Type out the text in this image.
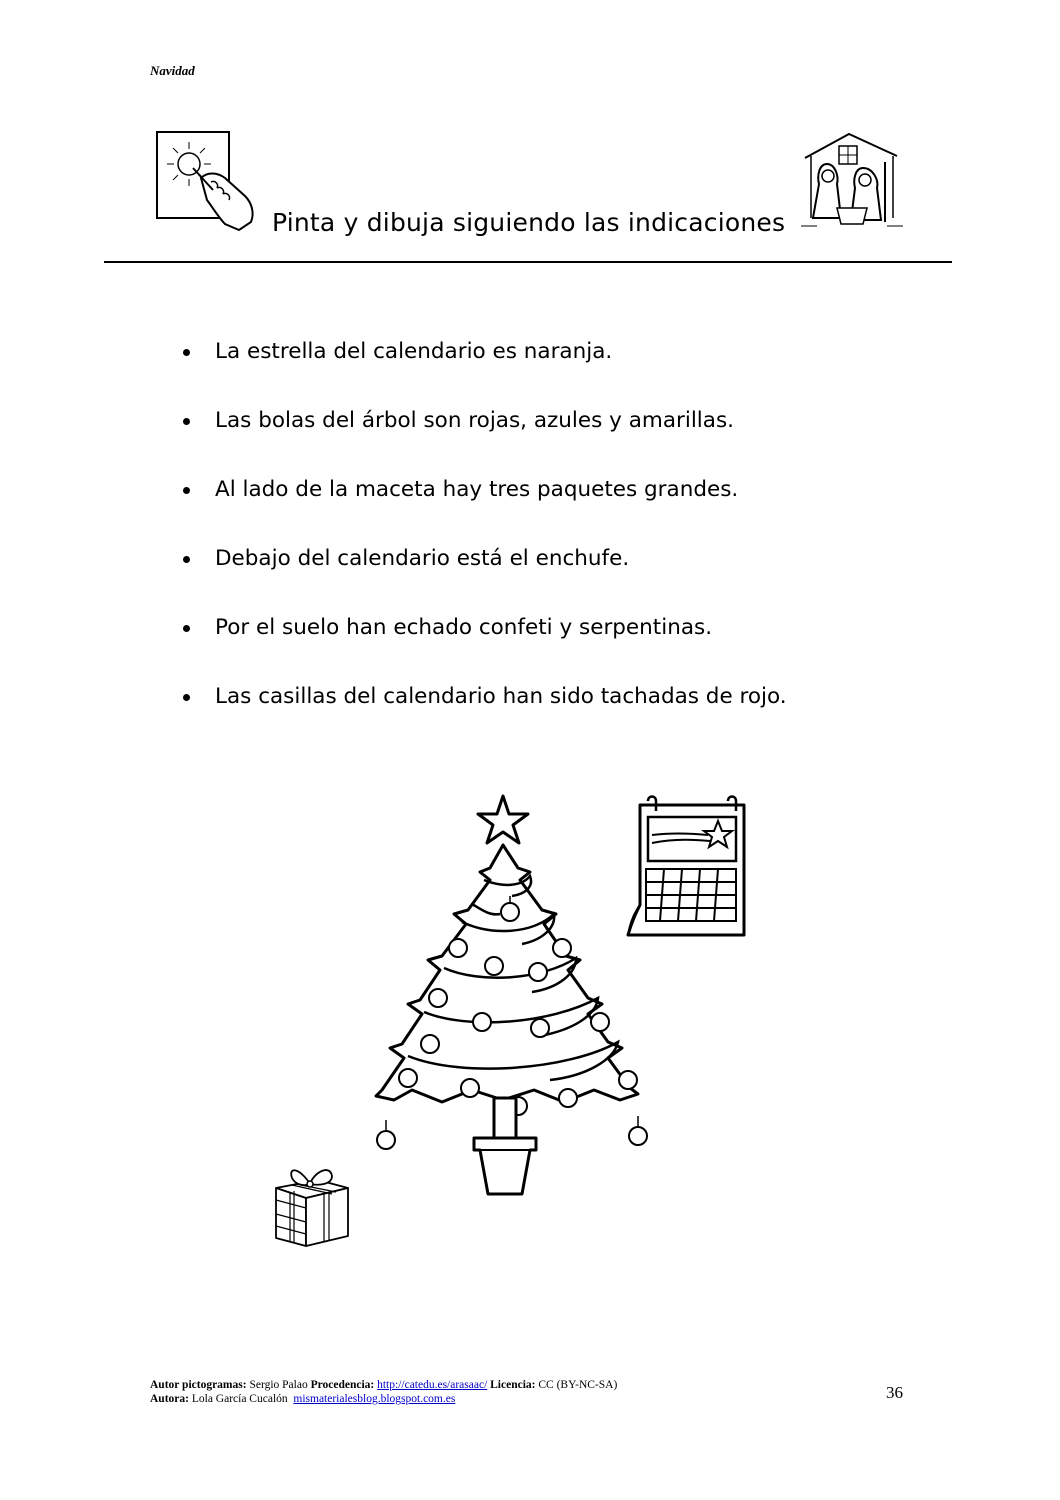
Navidad
Pinta y dibuja siguiendo las indicaciones
La estrella del calendario es naranja.
Las bolas del árbol son rojas, azules y amarillas.
Al lado de la maceta hay tres paquetes grandes.
Debajo del calendario está el enchufe.
Por el suelo han echado confeti y serpentinas.
Las casillas del calendario han sido tachadas de rojo.
Autor pictogramas: Sergio Palao Procedencia: http://catedu.es/arasaac/ Licencia: CC (BY-NC-SA)
Autora: Lola García Cucalón mismaterialesblog.blogspot.com.es	36
